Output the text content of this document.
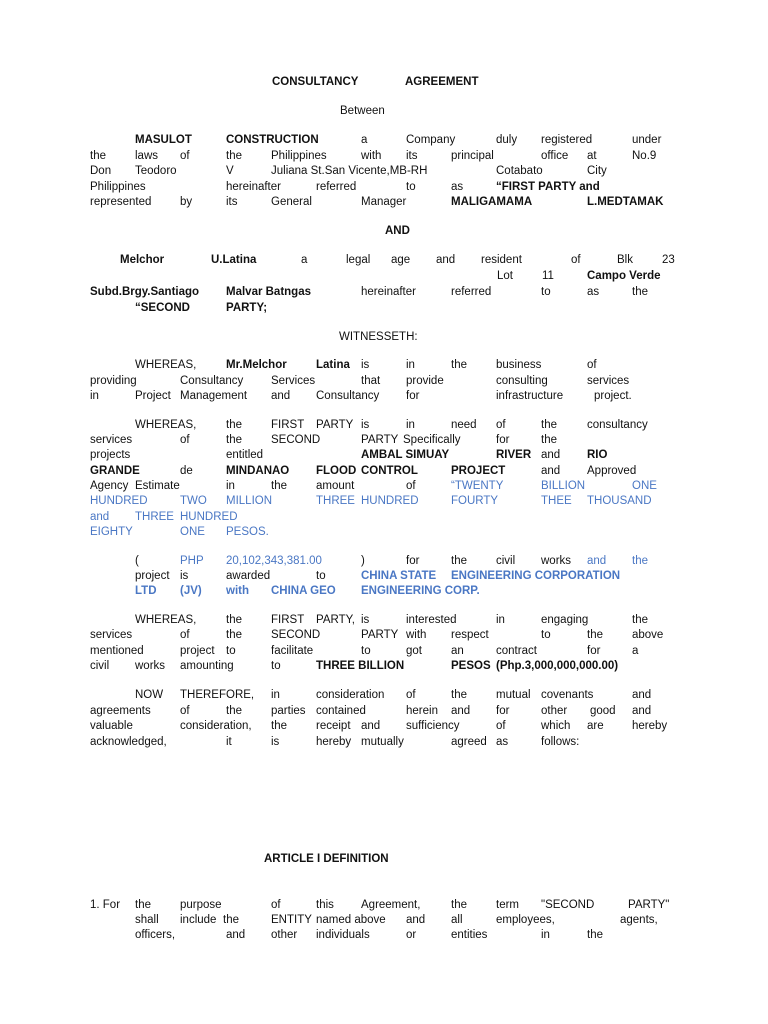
CONSULTANCY	AGREEMENT
Between
MASULOT	CONSTRUCTION	a	Company	duly registered	under
the	laws of	the	Philippines	with its	principal	office at	No.9
Don Teodoro	V	Juliana St.San Vicente,MB-RH	Cotabato	City
Philippines	hereinafter	referred	to	as	“FIRST PARTY and
represented by	its	General	Manager	MALIGAMAMA	L.MEDTAMAK
AND
Melchor	U.Latina	a	legal age and resident	of	Blk	23
Lot	11	Campo Verde
Subd.Brgy.Santiago Malvar Batngas	hereinafter	referred	to	as	the
“SECOND	PARTY;
WITNESSETH:
WHEREAS,	Mr.Melchor	Latina is	in	the	business	of
providing	Consultancy Services	that provide	consulting	services
in	Project Management and Consultancy for	infrastructure	project.
WHEREAS,	the	FIRST PARTY is	in	need of	the	consultancy
services	of	the	SECOND	PARTY Specifically	for	the
projects	entitled	AMBAL SIMUAY	RIVER and RIO
GRANDE	de	MINDANAO FLOOD CONTROL	PROJECT	and Approved
Agency Estimate	in	the	amount	of	“TWENTY	BILLION	ONE
HUNDRED	TWO MILLION	THREE HUNDRED	FOURTY	THEE THOUSAND
and THREE HUNDRED
EIGHTY	ONE PESOS.
(	PHP 20,102,343,381.00	)	for	the	civil works and the
project is	awarded	to	CHINA STATE ENGINEERING CORPORATION
LTD (JV) with CHINA GEO ENGINEERING CORP.
WHEREAS,	the	FIRST PARTY, is	interested	in	engaging	the
services	of	the	SECOND	PARTY with respect	to	the	above
mentioned	project to	facilitate	to	got	an	contract	for	a
civil works amounting	to	THREE BILLION	PESOS (Php.3,000,000,000.00)
NOW THEREFORE, in	consideration of	the	mutual covenants	and
agreements	of	the	parties contained	herein and for	other good and
valuable	consideration, the	receipt and sufficiency	of	which are hereby
acknowledged,	it	is	hereby mutually	agreed as	follows:
ARTICLE I DEFINITION
1. For the	purpose	of	this Agreement,	the	term "SECOND	PARTY"
shall include the	ENTITY named above and all	employees,	agents,
officers,	and other individuals	or	entities	in	the
